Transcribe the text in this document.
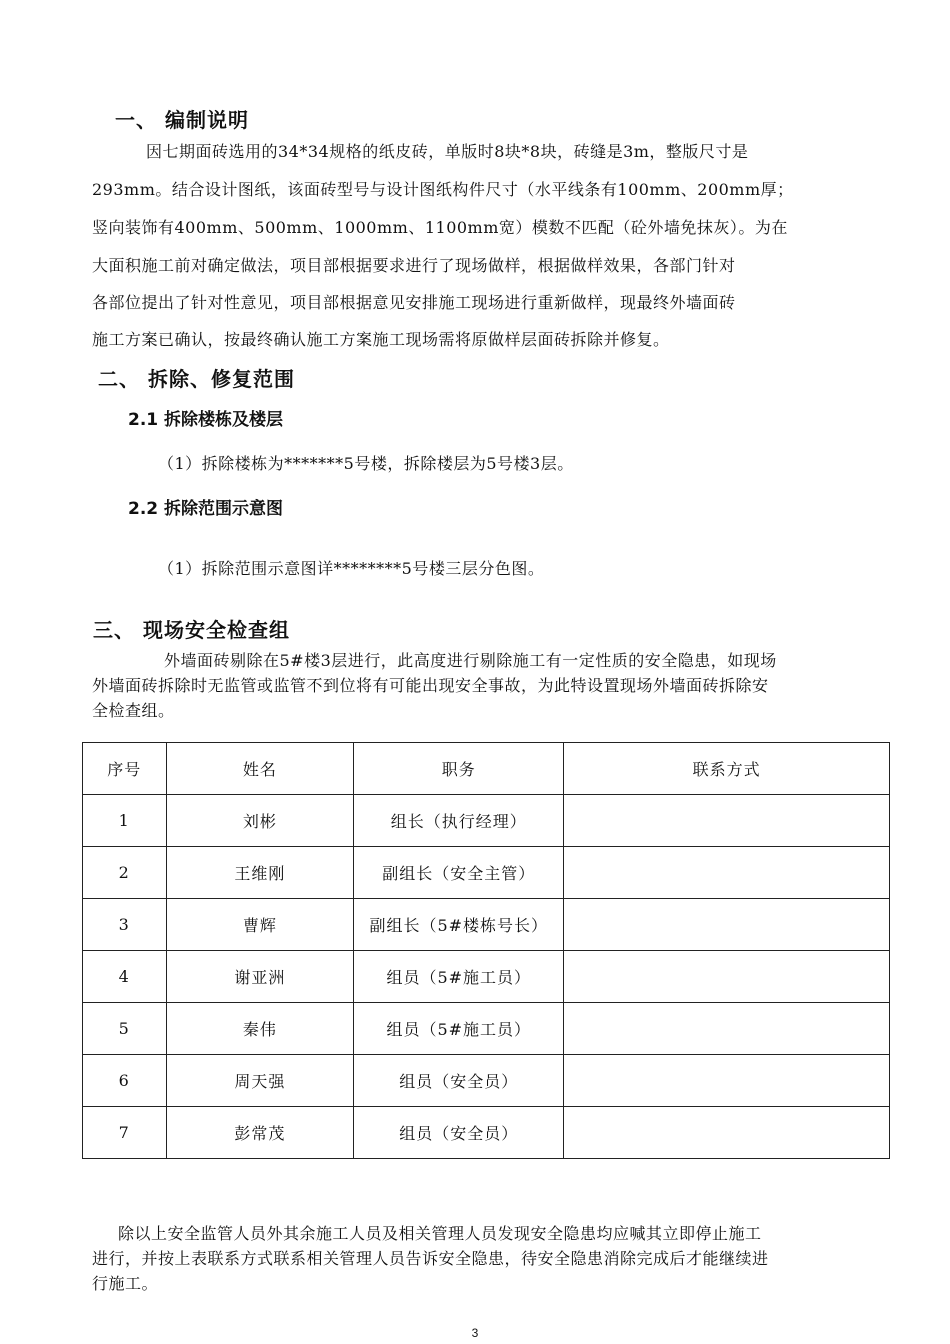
一、 编制说明
因七期面砖选用的34*34规格的纸皮砖，单版时8块*8块，砖缝是3m，整版尺寸是
293mm。结合设计图纸，该面砖型号与设计图纸构件尺寸（水平线条有100mm、200mm厚；
竖向装饰有400mm、500mm、1000mm、1100mm宽）模数不匹配（砼外墙免抹灰）。为在
大面积施工前对确定做法，项目部根据要求进行了现场做样，根据做样效果，各部门针对
各部位提出了针对性意见，项目部根据意见安排施工现场进行重新做样，现最终外墙面砖
施工方案已确认，按最终确认施工方案施工现场需将原做样层面砖拆除并修复。
二、 拆除、修复范围
2.1 拆除楼栋及楼层
（1）拆除楼栋为*******5号楼，拆除楼层为5号楼3层。
2.2 拆除范围示意图
（1）拆除范围示意图详********5号楼三层分色图。
三、 现场安全检查组
外墙面砖剔除在5#楼3层进行，此高度进行剔除施工有一定性质的安全隐患，如现场
外墙面砖拆除时无监管或监管不到位将有可能出现安全事故，为此特设置现场外墙面砖拆除安
全检查组。
序号	姓名	职务	联系方式
1	刘彬	组长（执行经理）	
2	王维刚	副组长（安全主管）	
3	曹辉	副组长（5#楼栋号长）	
4	谢亚洲	组员（5#施工员）	
5	秦伟	组员（5#施工员）	
6	周天强	组员（安全员）	
7	彭常茂	组员（安全员）	
除以上安全监管人员外其余施工人员及相关管理人员发现安全隐患均应喊其立即停止施工
进行，并按上表联系方式联系相关管理人员告诉安全隐患，待安全隐患消除完成后才能继续进
行施工。
3
